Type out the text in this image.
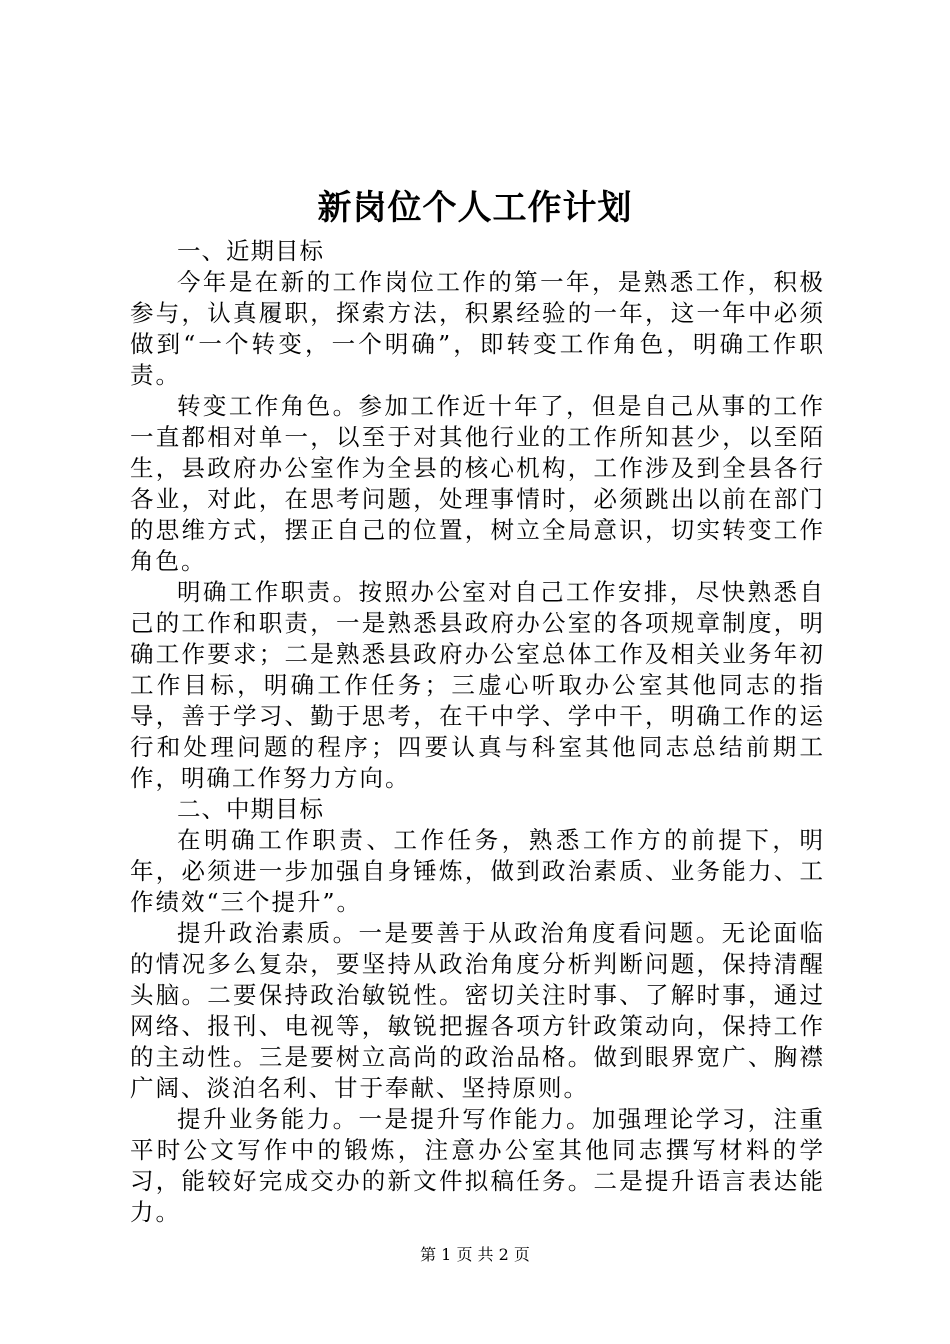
新岗位个人工作计划

一、近期目标

今年是在新的工作岗位工作的第一年，是熟悉工作，积极参与，认真履职，探索方法，积累经验的一年，这一年中必须做到“一个转变，一个明确”，即转变工作角色，明确工作职责。

转变工作角色。参加工作近十年了，但是自己从事的工作一直都相对单一，以至于对其他行业的工作所知甚少，以至陌生，县政府办公室作为全县的核心机构，工作涉及到全县各行各业，对此，在思考问题，处理事情时，必须跳出以前在部门的思维方式，摆正自己的位置，树立全局意识，切实转变工作角色。

明确工作职责。按照办公室对自己工作安排，尽快熟悉自己的工作和职责，一是熟悉县政府办公室的各项规章制度，明确工作要求；二是熟悉县政府办公室总体工作及相关业务年初工作目标，明确工作任务；三虚心听取办公室其他同志的指导，善于学习、勤于思考，在干中学、学中干，明确工作的运行和处理问题的程序；四要认真与科室其他同志总结前期工作，明确工作努力方向。

二、中期目标

在明确工作职责、工作任务，熟悉工作方的前提下，明年，必须进一步加强自身锤炼，做到政治素质、业务能力、工作绩效“三个提升”。

提升政治素质。一是要善于从政治角度看问题。无论面临的情况多么复杂，要坚持从政治角度分析判断问题，保持清醒头脑。二要保持政治敏锐性。密切关注时事、了解时事，通过网络、报刊、电视等，敏锐把握各项方针政策动向，保持工作的主动性。三是要树立高尚的政治品格。做到眼界宽广、胸襟广阔、淡泊名利、甘于奉献、坚持原则。

提升业务能力。一是提升写作能力。加强理论学习，注重平时公文写作中的锻炼，注意办公室其他同志撰写材料的学习，能较好完成交办的新文件拟稿任务。二是提升语言表达能力。

第 1 页 共 2 页
